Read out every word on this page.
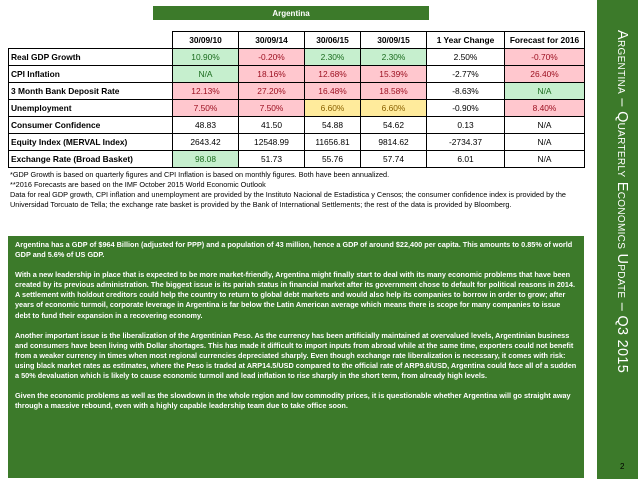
Argentina
	30/09/10	30/09/14	30/06/15	30/09/15	1 Year Change	Forecast for 2016
Real GDP Growth	10.90%	-0.20%	2.30%	2.30%	2.50%	-0.70%
CPI Inflation	N/A	18.16%	12.68%	15.39%	-2.77%	26.40%
3 Month Bank Deposit Rate	12.13%	27.20%	16.48%	18.58%	-8.63%	N/A
Unemployment	7.50%	7.50%	6.60%	6.60%	-0.90%	8.40%
Consumer Confidence	48.83	41.50	54.88	54.62	0.13	N/A
Equity Index (MERVAL Index)	2643.42	12548.99	11656.81	9814.62	-2734.37	N/A
Exchange Rate (Broad Basket)	98.08	51.73	55.76	57.74	6.01	N/A
*GDP Growth is based on quarterly figures and CPI Inflation is based on monthly figures. Both have been annualized.
**2016 Forecasts are based on the IMF October 2015 World Economic Outlook
Data for real GDP growth, CPI inflation and unemployment are provided by the Instituto Nacional de Estadistica y Censos; the consumer confidence index is provided by the Universidad Torcuato de Tella; the exchange rate basket is provided by the Bank of International Settlements; the rest of the data is provided by Bloomberg.

Argentina has a GDP of $964 Billion (adjusted for PPP) and a population of 43 million, hence a GDP of around $22,400 per capita. This amounts to 0.85% of world GDP and 5.6% of US GDP.

With a new leadership in place that is expected to be more market-friendly, Argentina might finally start to deal with its many economic problems that have been created by its previous administration. The biggest issue is its pariah status in financial market after its government chose to default for political reasons in 2014. A settlement with holdout creditors could help the country to return to global debt markets and would also help its companies to borrow in order to grow; after years of economic turmoil, corporate leverage in Argentina is far below the Latin American average which means there is scope for many companies to issue debt to fund their expansion in a recovering economy.

Another important issue is the liberalization of the Argentinian Peso. As the currency has been artificially maintained at overvalued levels, Argentinian business and consumers have been living with Dollar shortages. This has made it difficult to import inputs from abroad while at the same time, exporters could not benefit from a weaker currency in times when most regional currencies depreciated sharply. Even though exchange rate liberalization is necessary, it comes with risk: using black market rates as estimates, where the Peso is traded at ARP14.5/USD compared to the official rate of ARP9.6/USD, Argentina could face all of a sudden a 50% devaluation which is likely to cause economic turmoil and lead inflation to rise sharply in the short term, from already high levels.

Given the economic problems as well as the slowdown in the whole region and low commodity prices, it is questionable whether Argentina will go straight away through a massive rebound, even with a highly capable leadership team due to take office soon.

Argentina – Quarterly Economics Update – Q3 2015
2
